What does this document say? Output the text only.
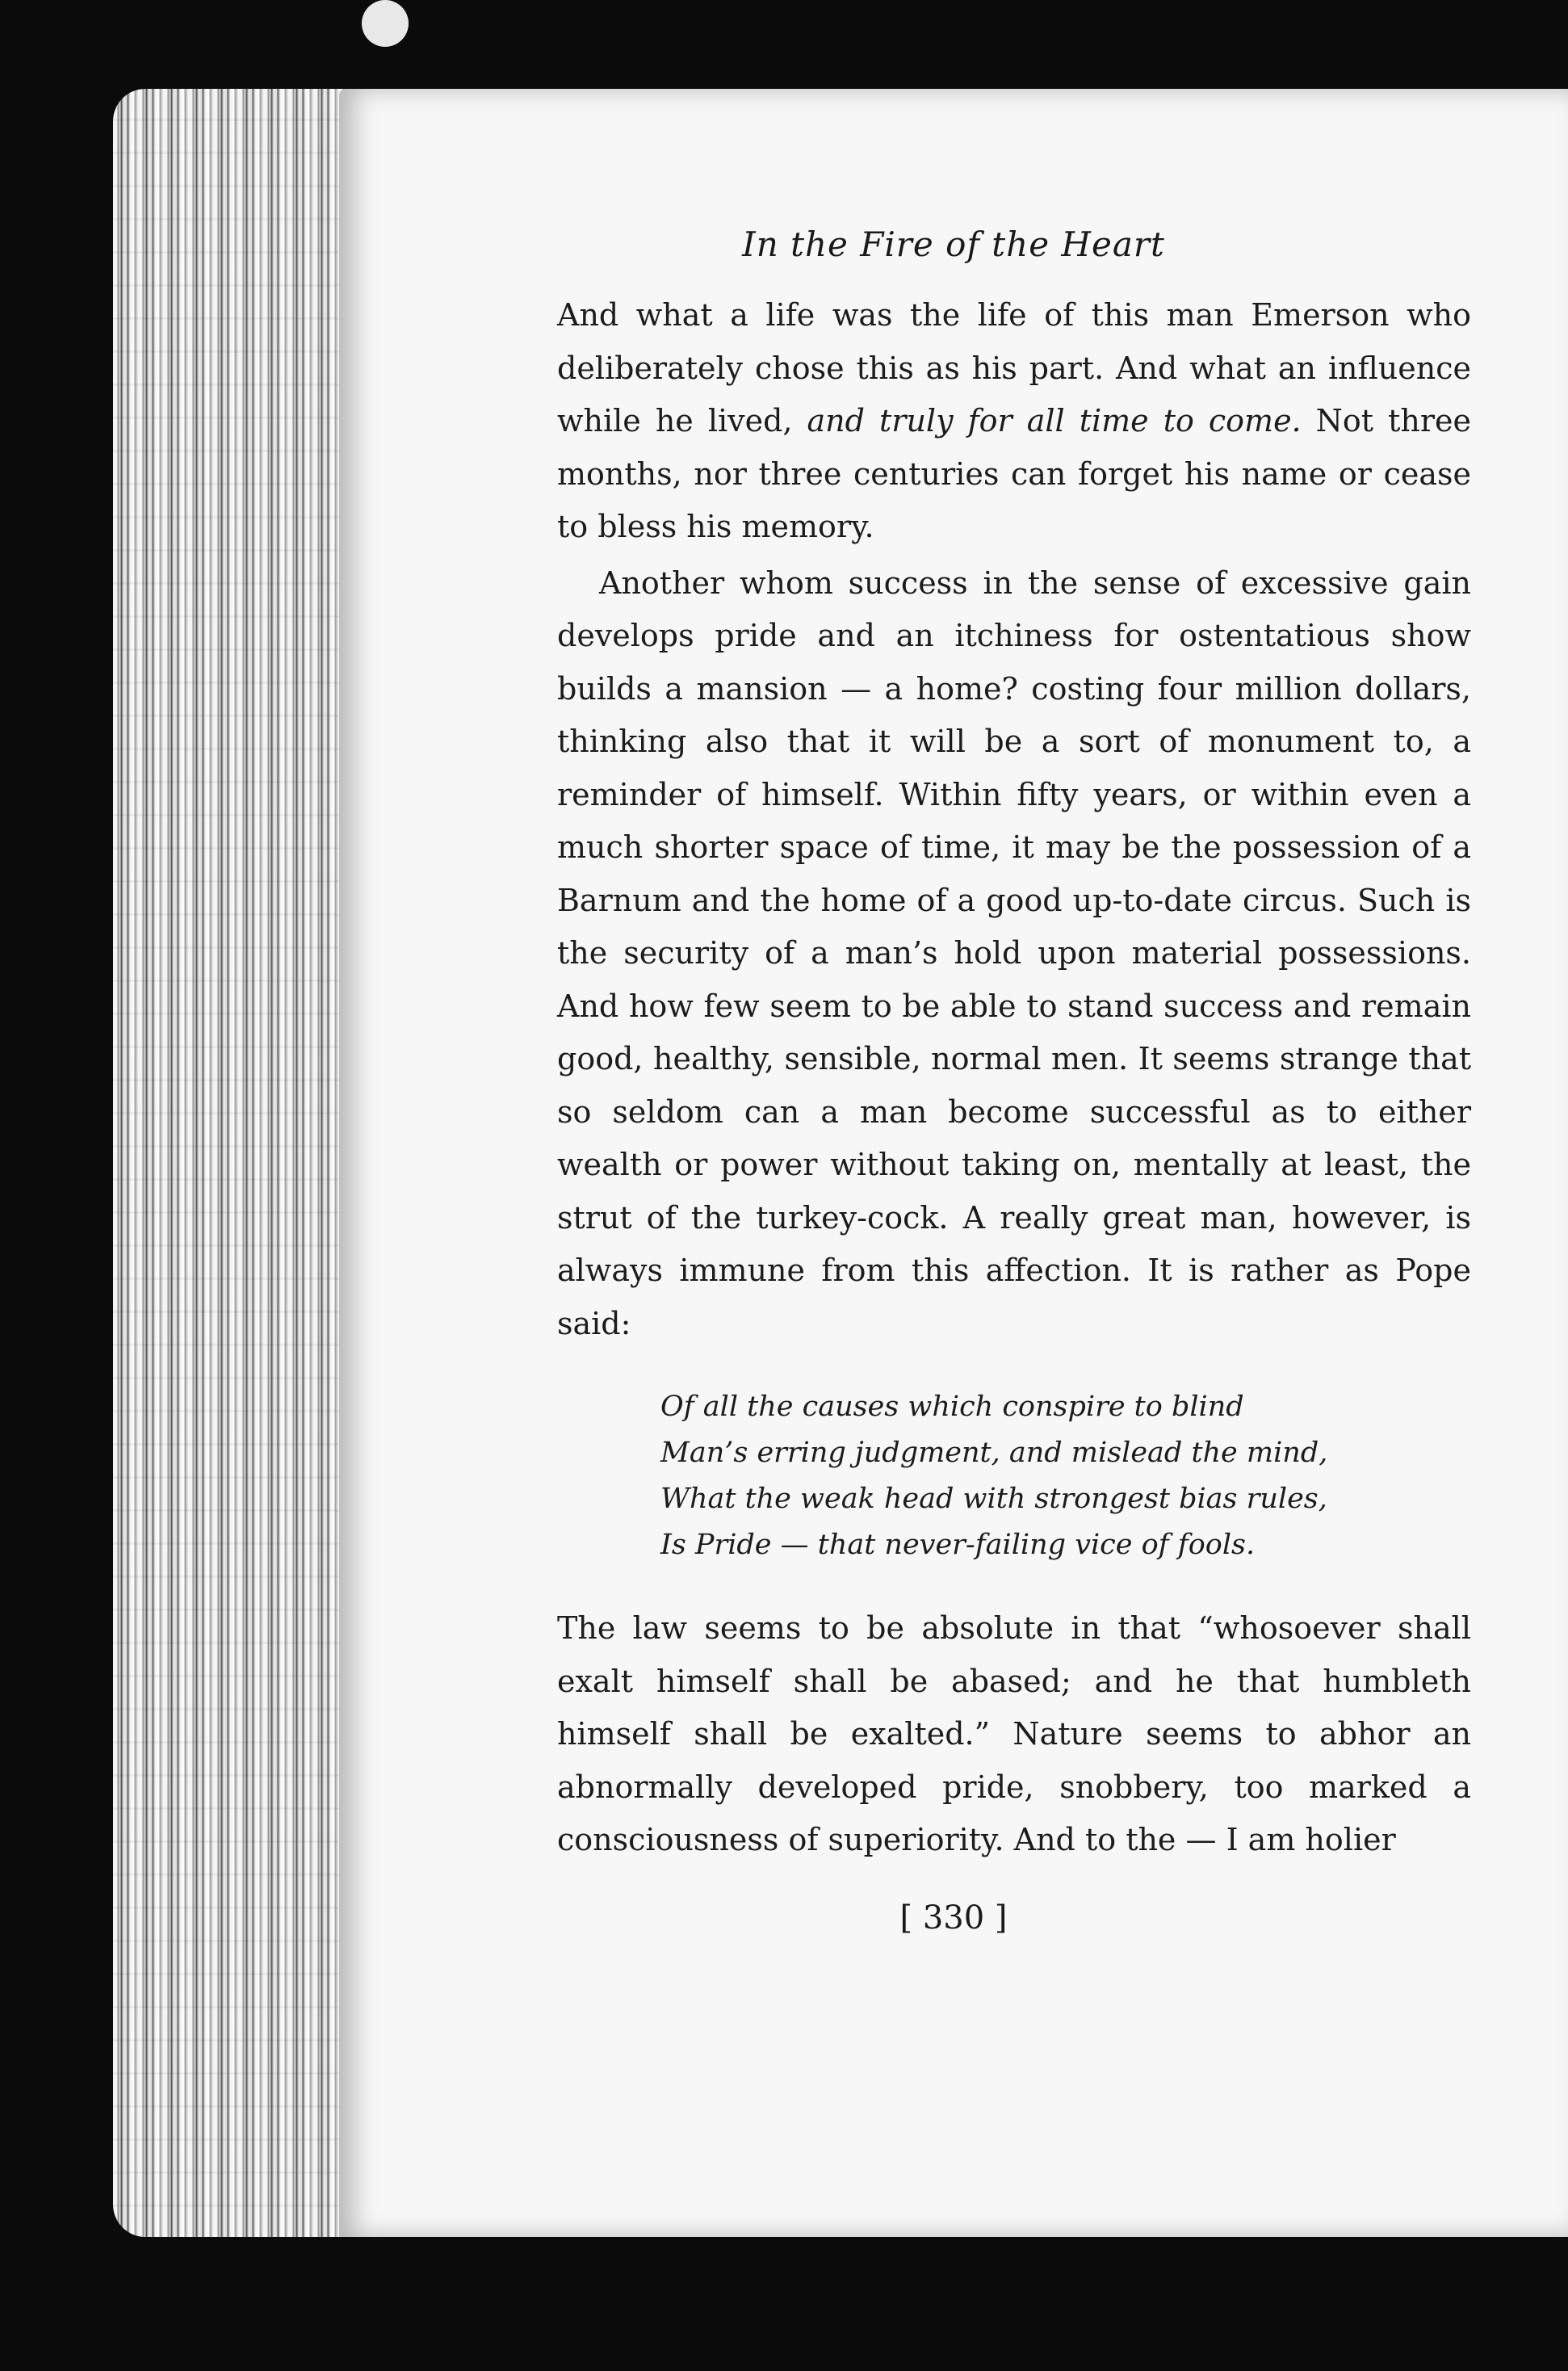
In the Fire of the Heart

And what a life was the life of this man Emerson who deliberately chose this as his part. And what an influence while he lived, and truly for all time to come. Not three months, nor three centuries can forget his name or cease to bless his memory.

Another whom success in the sense of excessive gain develops pride and an itchiness for ostentatious show builds a mansion — a home? costing four million dollars, thinking also that it will be a sort of monument to, a reminder of himself. Within fifty years, or within even a much shorter space of time, it may be the possession of a Barnum and the home of a good up-to-date circus. Such is the security of a man’s hold upon material possessions. And how few seem to be able to stand success and remain good, healthy, sensible, normal men. It seems strange that so seldom can a man become successful as to either wealth or power without taking on, mentally at least, the strut of the turkey-cock. A really great man, however, is always immune from this affection. It is rather as Pope said:

Of all the causes which conspire to blind
Man’s erring judgment, and mislead the mind,
What the weak head with strongest bias rules,
Is Pride — that never-failing vice of fools.

The law seems to be absolute in that “whosoever shall exalt himself shall be abased; and he that humbleth himself shall be exalted.” Nature seems to abhor an abnormally developed pride, snobbery, too marked a consciousness of superiority. And to the — I am holier

[ 330 ]
